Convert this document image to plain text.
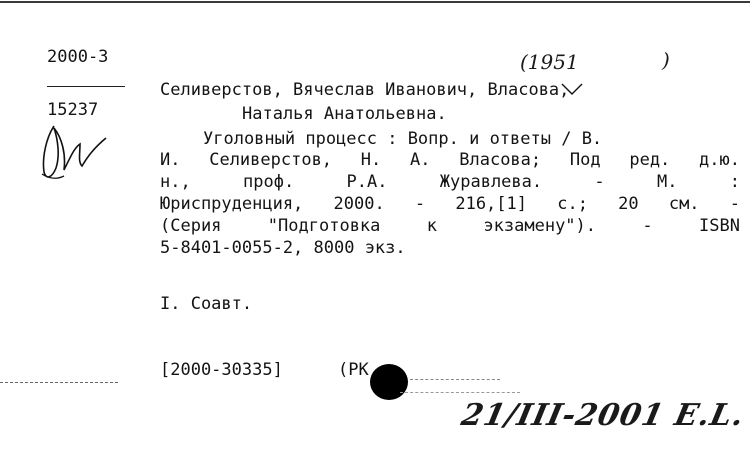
2000-3
15237
(1951	)
Селиверстов, Вячеслав Иванович, Власова,
Наталья Анатольевна.
Уголовный процесс : Вопр. и ответы / В.
И. Селиверстов, Н. А. Власова; Под ред. д.ю.
н., проф. Р.А. Журавлева. - М. :
Юриспруденция, 2000. - 216,[1] с.; 20 см. -
(Серия "Подготовка к экзамену"). - ISBN
5-8401-0055-2, 8000 экз.
I. Соавт.
[2000-30335]	(РК
21/III-2001 E.L.
